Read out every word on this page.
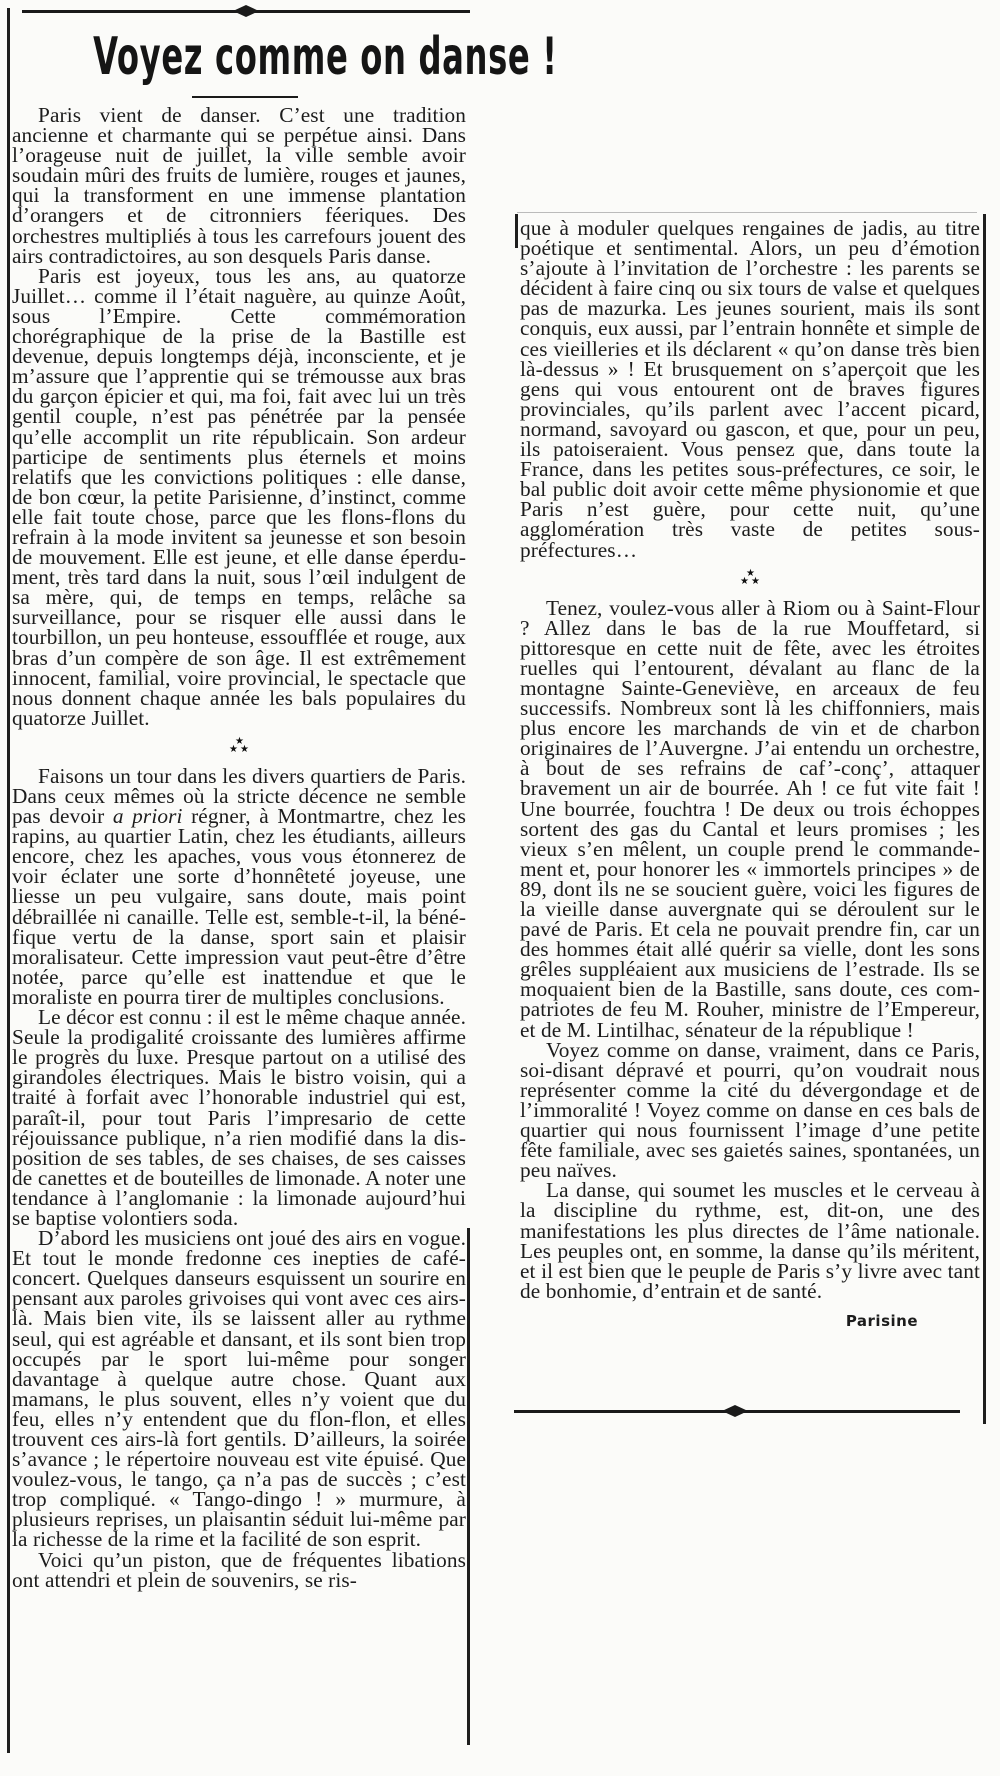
Voyez comme on danse !

Paris vient de danser. C’est une tradition ancienne et charmante qui se perpétue ainsi. Dans l’orageuse nuit de juillet, la ville semble avoir soudain mûri des fruits de lumière, rouges et jaunes, qui la transforment en une immense plantation d’orangers et de citronniers féeriques. Des orchestres multipliés à tous les carrefours jouent des airs contradictoires, au son desquels Paris danse.

Paris est joyeux, tous les ans, au quatorze Juillet… comme il l’était naguère, au quinze Août, sous l’Empire. Cette commémoration chorégraphique de la prise de la Bastille est devenue, depuis longtemps déjà, inconsciente, et je m’assure que l’apprentie qui se trémousse aux bras du garçon épicier et qui, ma foi, fait avec lui un très gentil couple, n’est pas pénétrée par la pensée qu’elle accomplit un rite républicain. Son ardeur participe de sentiments plus éternels et moins relatifs que les convictions politiques : elle danse, de bon cœur, la petite Parisienne, d’instinct, comme elle fait toute chose, parce que les flons-flons du refrain à la mode invitent sa jeunesse et son besoin de mouvement. Elle est jeune, et elle danse éperdument, très tard dans la nuit, sous l’œil indulgent de sa mère, qui, de temps en temps, relâche sa surveillance, pour se risquer elle aussi dans le tourbillon, un peu honteuse, essoufflée et rouge, aux bras d’un compère de son âge. Il est extrêmement innocent, familial, voire provincial, le spectacle que nous donnent chaque année les bals populaires du quatorze Juillet.

★
★ ★

Faisons un tour dans les divers quartiers de Paris. Dans ceux mêmes où la stricte décence ne semble pas devoir a priori régner, à Montmartre, chez les rapins, au quartier Latin, chez les étudiants, ailleurs encore, chez les apaches, vous vous étonnerez de voir éclater une sorte d’honnêteté joyeuse, une liesse un peu vulgaire, sans doute, mais point débraillée ni canaille. Telle est, semble-t-il, la bénéfique vertu de la danse, sport sain et plaisir moralisateur. Cette impression vaut peut-être d’être notée, parce qu’elle est inattendue et que le moraliste en pourra tirer de multiples conclusions.

Le décor est connu : il est le même chaque année. Seule la prodigalité croissante des lumières affirme le progrès du luxe. Presque partout on a utilisé des girandoles électriques. Mais le bistro voisin, qui a traité à forfait avec l’honorable industriel qui est, paraît-il, pour tout Paris l’impresario de cette réjouissance publique, n’a rien modifié dans la disposition de ses tables, de ses chaises, de ses caisses de canettes et de bouteilles de limonade. A noter une tendance à l’anglomanie : la limonade aujourd’hui se baptise volontiers soda.

D’abord les musiciens ont joué des airs en vogue. Et tout le monde fredonne ces inepties de café-concert. Quelques danseurs esquissent un sourire en pensant aux paroles grivoises qui vont avec ces airs-là. Mais bien vite, ils se laissent aller au rythme seul, qui est agréable et dansant, et ils sont bien trop occupés par le sport lui-même pour songer davantage à quelque autre chose. Quant aux mamans, le plus souvent, elles n’y voient que du feu, elles n’y entendent que du flon-flon, et elles trouvent ces airs-là fort gentils. D’ailleurs, la soirée s’avance ; le répertoire nouveau est vite épuisé. Que voulez-vous, le tango, ça n’a pas de succès ; c’est trop compliqué. « Tango-dingo ! » murmure, à plusieurs reprises, un plaisantin séduit lui-même par la richesse de la rime et la facilité de son esprit.

Voici qu’un piston, que de fréquentes libations ont attendri et plein de souvenirs, se ris-

que à moduler quelques rengaines de jadis, au titre poétique et sentimental. Alors, un peu d’émotion s’ajoute à l’invitation de l’orchestre : les parents se décident à faire cinq ou six tours de valse et quelques pas de mazurka. Les jeunes sourient, mais ils sont conquis, eux aussi, par l’entrain honnête et simple de ces vieilleries et ils déclarent « qu’on danse très bien là-dessus » ! Et brusquement on s’aperçoit que les gens qui vous entourent ont de braves figures provinciales, qu’ils parlent avec l’accent picard, normand, savoyard ou gascon, et que, pour un peu, ils patoiseraient. Vous pensez que, dans toute la France, dans les petites sous-préfectures, ce soir, le bal public doit avoir cette même physionomie et que Paris n’est guère, pour cette nuit, qu’une agglomération très vaste de petites sous-préfectures…

★
★ ★

Tenez, voulez-vous aller à Riom ou à Saint-Flour ? Allez dans le bas de la rue Mouffetard, si pittoresque en cette nuit de fête, avec les étroites ruelles qui l’entourent, dévalant au flanc de la montagne Sainte-Geneviève, en arceaux de feu successifs. Nombreux sont là les chiffonniers, mais plus encore les marchands de vin et de charbon originaires de l’Auvergne. J’ai entendu un orchestre, à bout de ses refrains de caf’-conç’, attaquer bravement un air de bourrée. Ah ! ce fut vite fait ! Une bourrée, fouchtra ! De deux ou trois échoppes sortent des gas du Cantal et leurs promises ; les vieux s’en mêlent, un couple prend le commandement et, pour honorer les « immortels principes » de 89, dont ils ne se soucient guère, voici les figures de la vieille danse auvergnate qui se déroulent sur le pavé de Paris. Et cela ne pouvait prendre fin, car un des hommes était allé quérir sa vielle, dont les sons grêles suppléaient aux musiciens de l’estrade. Ils se moquaient bien de la Bastille, sans doute, ces compatriotes de feu M. Rouher, ministre de l’Empereur, et de M. Lintilhac, sénateur de la république !

Voyez comme on danse, vraiment, dans ce Paris, soi-disant dépravé et pourri, qu’on voudrait nous représenter comme la cité du dévergondage et de l’immoralité ! Voyez comme on danse en ces bals de quartier qui nous fournissent l’image d’une petite fête familiale, avec ses gaietés saines, spontanées, un peu naïves.

La danse, qui soumet les muscles et le cerveau à la discipline du rythme, est, dit-on, une des manifestations les plus directes de l’âme nationale. Les peuples ont, en somme, la danse qu’ils méritent, et il est bien que le peuple de Paris s’y livre avec tant de bonhomie, d’entrain et de santé.

Parisine
